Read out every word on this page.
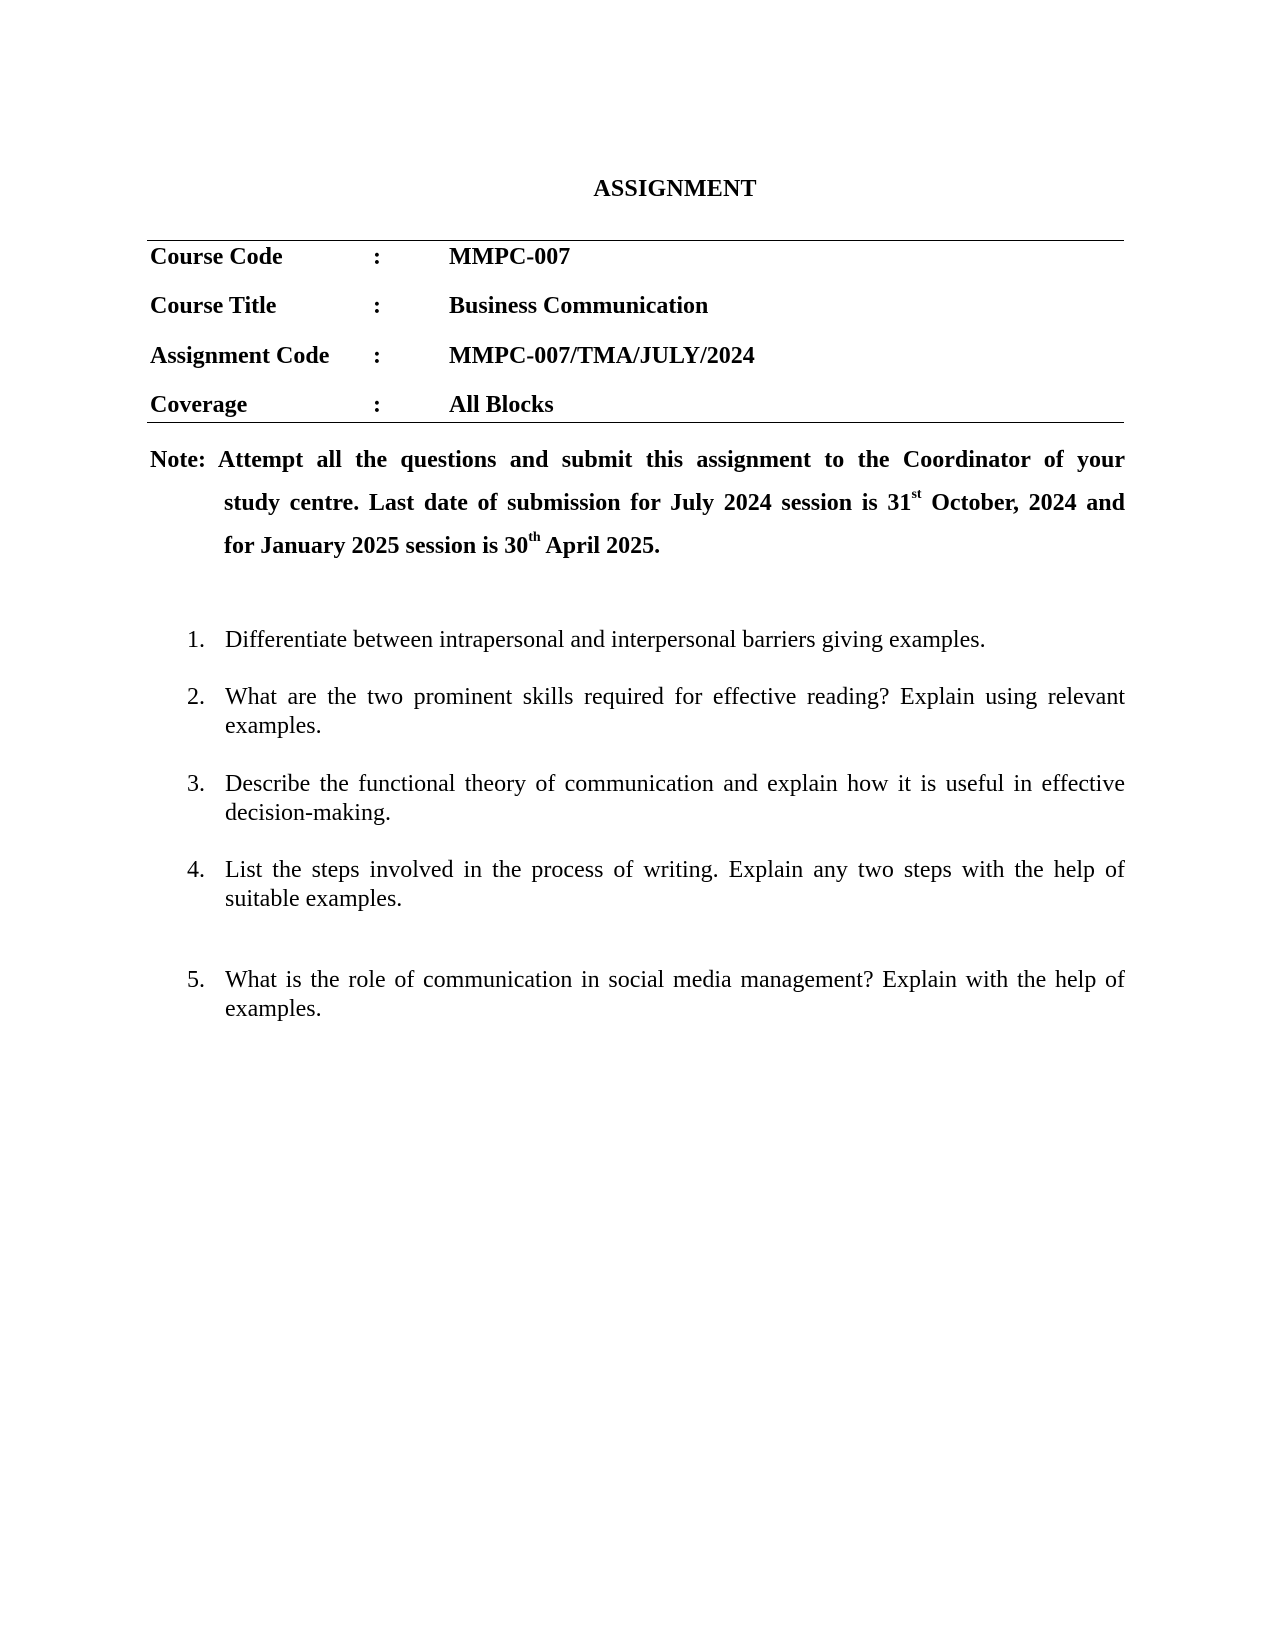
ASSIGNMENT
Course Code	:	MMPC-007
Course Title	:	Business Communication
Assignment Code :	MMPC-007/TMA/JULY/2024
Coverage	:	All Blocks
Note: Attempt all the questions and submit this assignment to the Coordinator of your
study centre. Last date of submission for July 2024 session is 31st October, 2024 and
for January 2025 session is 30th April 2025.
1. Differentiate between intrapersonal and interpersonal barriers giving examples.
2. What are the two prominent skills required for effective reading? Explain using relevant examples.
3. Describe the functional theory of communication and explain how it is useful in effective decision-making.
4. List the steps involved in the process of writing. Explain any two steps with the help of suitable examples.
5. What is the role of communication in social media management? Explain with the help of examples.
